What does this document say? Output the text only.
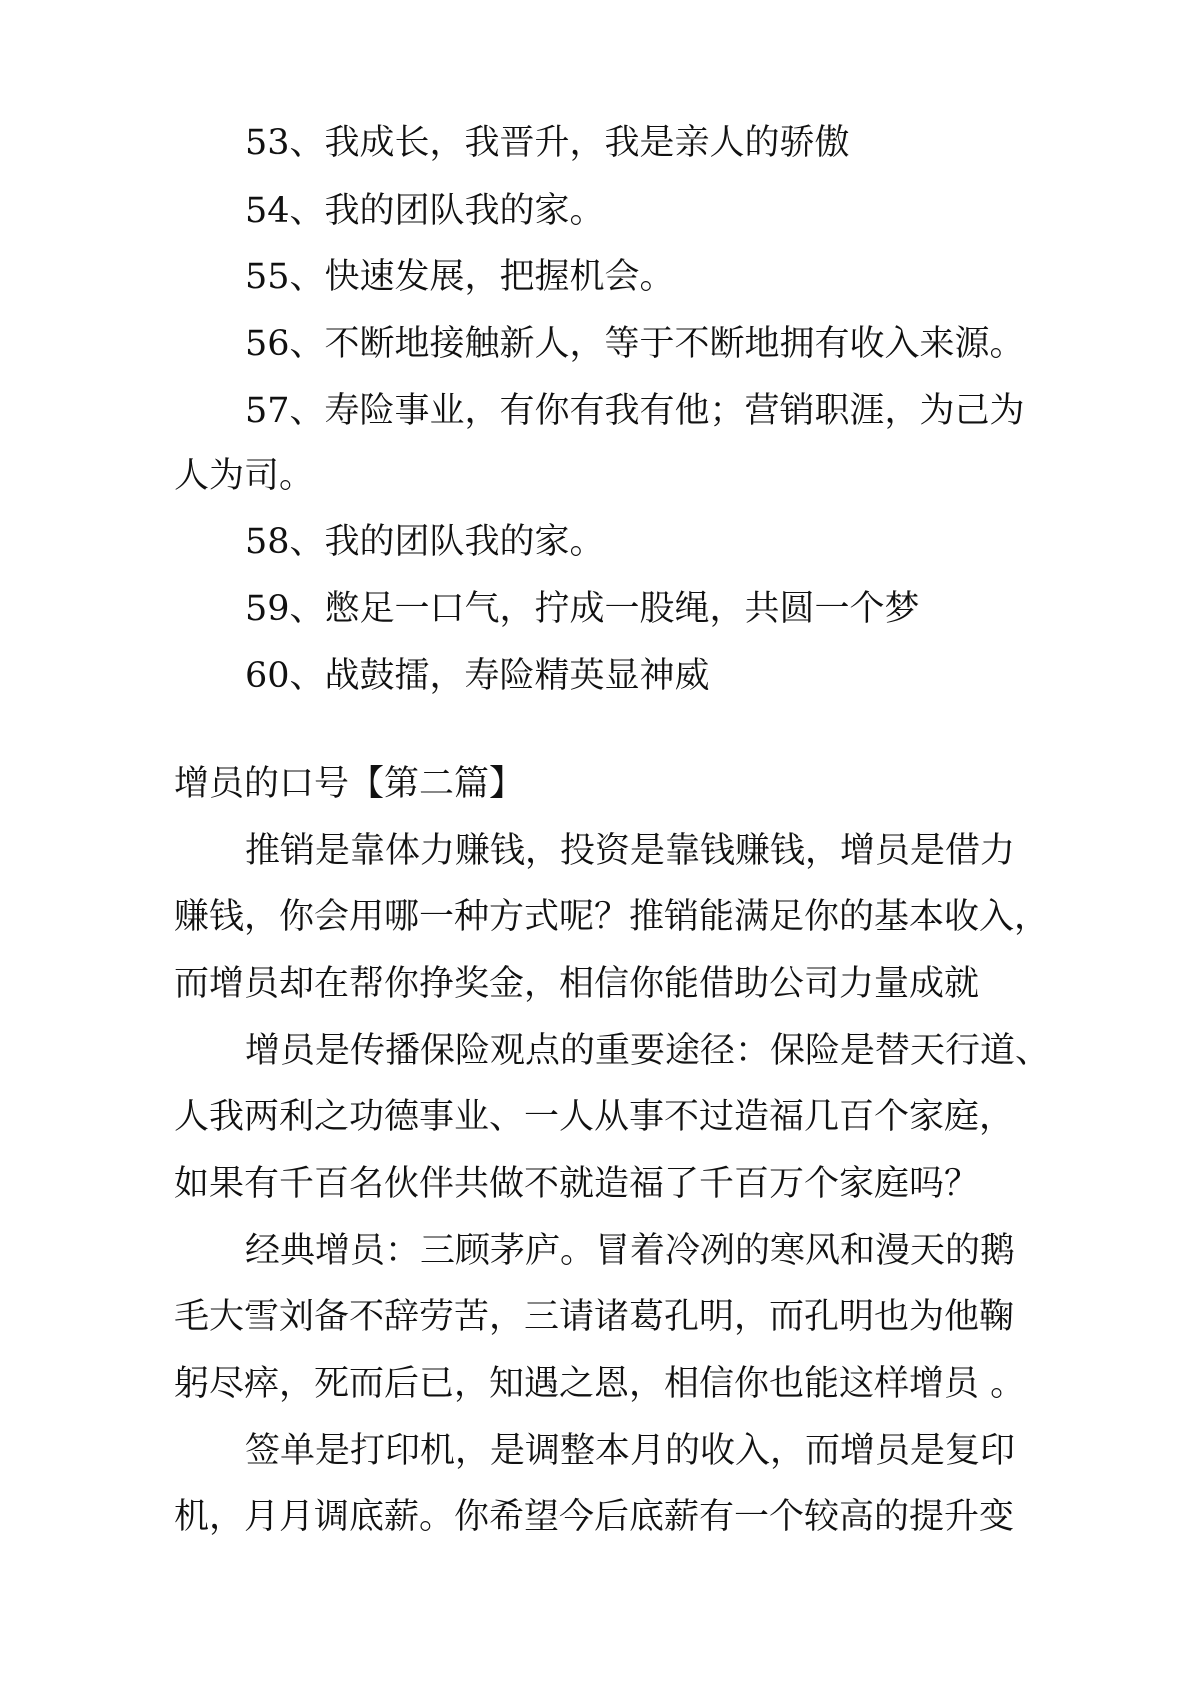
53、我成长，我晋升，我是亲人的骄傲
54、我的团队我的家。
55、快速发展，把握机会。
56、不断地接触新人，等于不断地拥有收入来源。
57、寿险事业，有你有我有他；营销职涯，为己为
人为司。
58、我的团队我的家。
59、憋足一口气，拧成一股绳，共圆一个梦
60、战鼓擂，寿险精英显神威
增员的口号【第二篇】
推销是靠体力赚钱，投资是靠钱赚钱，增员是借力
赚钱，你会用哪一种方式呢？推销能满足你的基本收入，
而增员却在帮你挣奖金，相信你能借助公司力量成就
增员是传播保险观点的重要途径：保险是替天行道、
人我两利之功德事业、一人从事不过造福几百个家庭，
如果有千百名伙伴共做不就造福了千百万个家庭吗？
经典增员：三顾茅庐。冒着冷冽的寒风和漫天的鹅
毛大雪刘备不辞劳苦，三请诸葛孔明，而孔明也为他鞠
躬尽瘁，死而后已，知遇之恩，相信你也能这样增员 。
签单是打印机，是调整本月的收入，而增员是复印
机，月月调底薪。你希望今后底薪有一个较高的提升变
